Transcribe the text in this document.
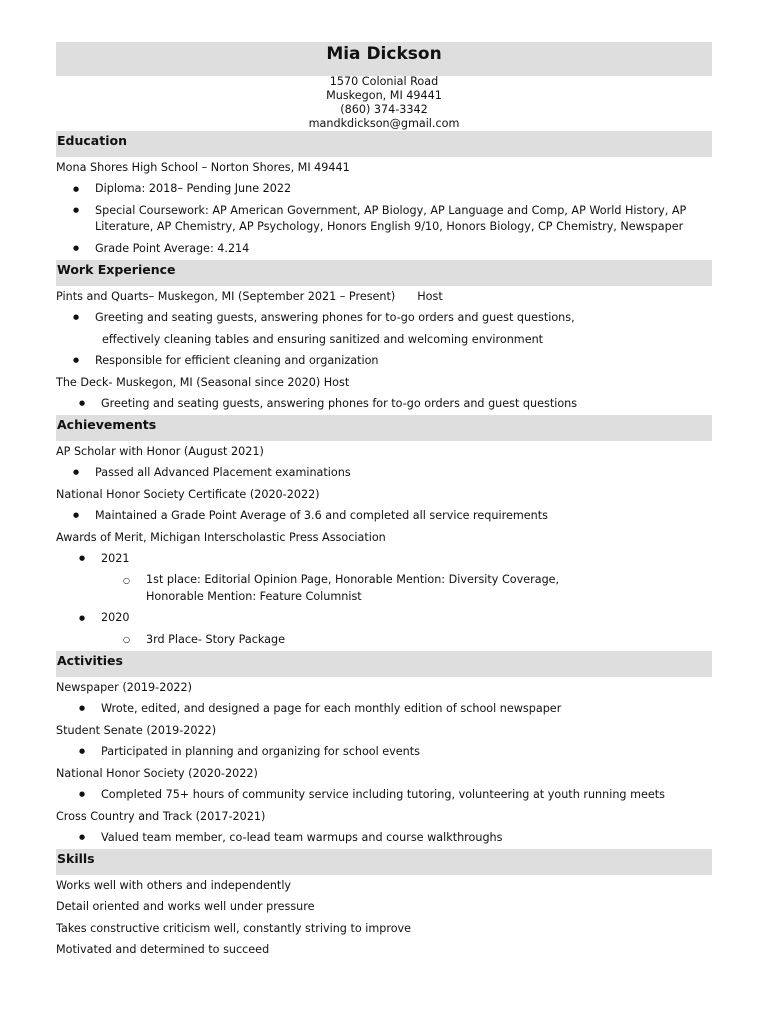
Mia Dickson
1570 Colonial Road
Muskegon, MI 49441
(860) 374-3342
mandkdickson@gmail.com
Education
Mona Shores High School – Norton Shores, MI 49441
● Diploma: 2018– Pending June 2022
● Special Coursework: AP American Government, AP Biology, AP Language and Comp, AP World History, AP Literature, AP Chemistry, AP Psychology, Honors English 9/10, Honors Biology, CP Chemistry, Newspaper
● Grade Point Average: 4.214
Work Experience
Pints and Quarts– Muskegon, MI (September 2021 – Present) Host
● Greeting and seating guests, answering phones for to-go orders and guest questions,
effectively cleaning tables and ensuring sanitized and welcoming environment
● Responsible for efficient cleaning and organization
The Deck- Muskegon, MI (Seasonal since 2020) Host
● Greeting and seating guests, answering phones for to-go orders and guest questions
Achievements
AP Scholar with Honor (August 2021)
● Passed all Advanced Placement examinations
National Honor Society Certificate (2020-2022)
● Maintained a Grade Point Average of 3.6 and completed all service requirements
Awards of Merit, Michigan Interscholastic Press Association
● 2021
○ 1st place: Editorial Opinion Page, Honorable Mention: Diversity Coverage, Honorable Mention: Feature Columnist
● 2020
○ 3rd Place- Story Package
Activities
Newspaper (2019-2022)
● Wrote, edited, and designed a page for each monthly edition of school newspaper
Student Senate (2019-2022)
● Participated in planning and organizing for school events
National Honor Society (2020-2022)
● Completed 75+ hours of community service including tutoring, volunteering at youth running meets
Cross Country and Track (2017-2021)
● Valued team member, co-lead team warmups and course walkthroughs
Skills
Works well with others and independently
Detail oriented and works well under pressure
Takes constructive criticism well, constantly striving to improve
Motivated and determined to succeed
